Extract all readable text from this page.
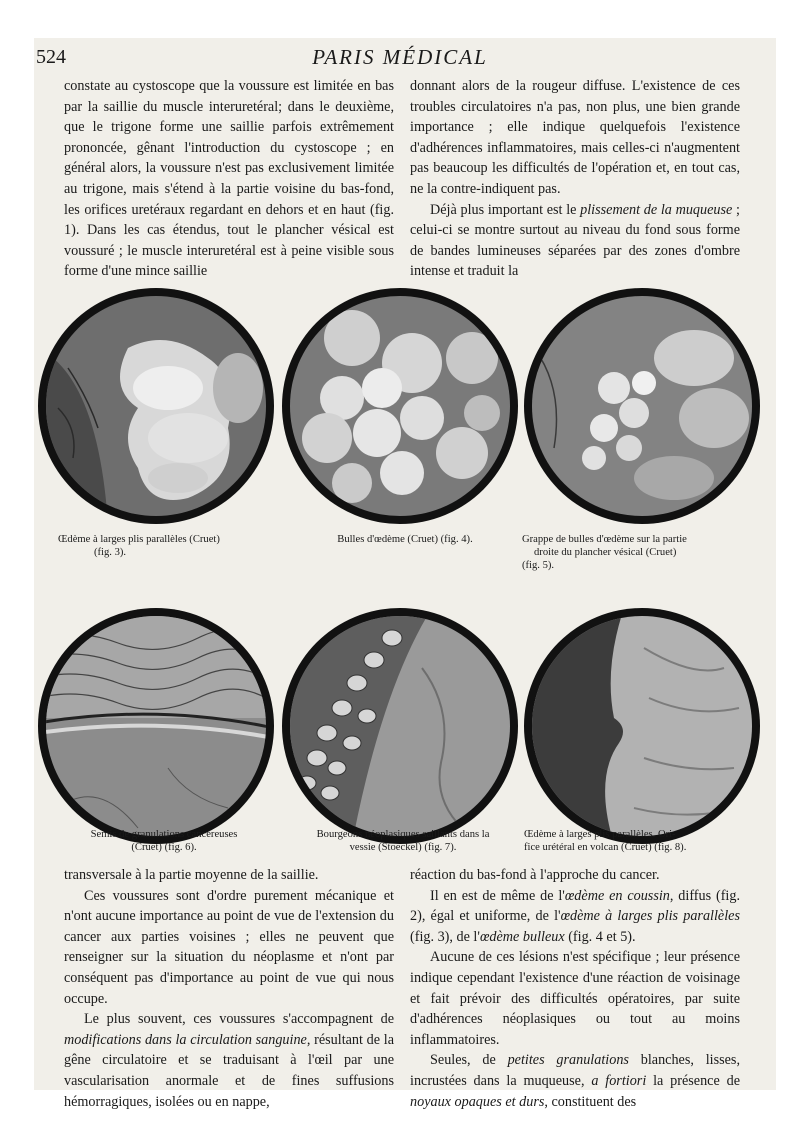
524	PARIS MÉDICAL

constate au cystoscope que la voussure est limitée en bas par la saillie du muscle interuretéral; dans le deuxième, que le trigone forme une saillie parfois extrêmement prononcée, gênant l'introduction du cystoscope ; en général alors, la voussure n'est pas exclusivement limitée au trigone, mais s'étend à la partie voisine du bas-fond, les orifices uretéraux regardant en dehors et en haut (fig. 1). Dans les cas étendus, tout le plancher vésical est voussuré ; le muscle interuretéral est à peine visible sous forme d'une mince saillie

donnant alors de la rougeur diffuse. L'existence de ces troubles circulatoires n'a pas, non plus, une bien grande importance ; elle indique quelquefois l'existence d'adhérences inflammatoires, mais celles-ci n'augmentent pas beaucoup les difficultés de l'opération et, en tout cas, ne la contre-indiquent pas.

Déjà plus important est le plissement de la muqueuse ; celui-ci se montre surtout au niveau du fond sous forme de bandes lumineuses séparées par des zones d'ombre intense et traduit la

Œdème à larges plis parallèles (Cruet)
(fig. 3).
Bulles d'œdème (Cruet) (fig. 4).	Grappe de bulles d'œdème sur la partie
droite du plancher vésical (Cruet)
(fig. 5).
Semis de granulations cancéreuses
(Cruet) (fig. 6).
Bourgeons néoplasiques saillants dans la
vessie (Stoeckel) (fig. 7).
Œdème à larges plis parallèles. Ori-
fice urétéral en volcan (Cruet) (fig. 8).

transversale à la partie moyenne de la saillie.

Ces voussures sont d'ordre purement mécanique et n'ont aucune importance au point de vue de l'extension du cancer aux parties voisines ; elles ne peuvent que renseigner sur la situation du néoplasme et n'ont par conséquent pas d'importance au point de vue qui nous occupe.

Le plus souvent, ces voussures s'accompagnent de modifications dans la circulation sanguine, résultant de la gêne circulatoire et se traduisant à l'œil par une vascularisation anormale et de fines suffusions hémorragiques, isolées ou en nappe,

réaction du bas-fond à l'approche du cancer.

Il en est de même de l'œdème en coussin, diffus (fig. 2), égal et uniforme, de l'œdème à larges plis parallèles (fig. 3), de l'œdème bulleux (fig. 4 et 5).

Aucune de ces lésions n'est spécifique ; leur présence indique cependant l'existence d'une réaction de voisinage et fait prévoir des difficultés opératoires, par suite d'adhérences néoplasiques ou tout au moins inflammatoires.

Seules, de petites granulations blanches, lisses, incrustées dans la muqueuse, a fortiori la présence de noyaux opaques et durs, constituent des
